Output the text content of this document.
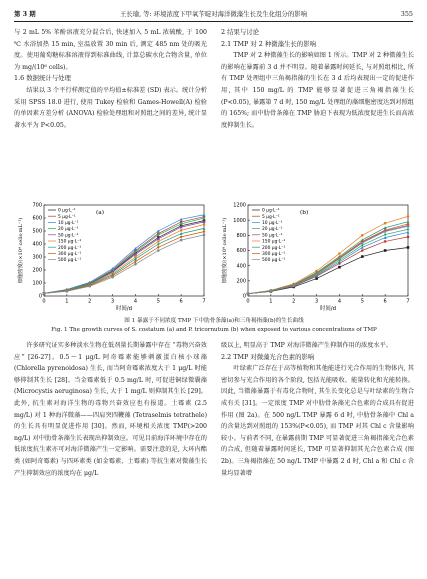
第 3 期	王长瑜, 等: 环境浓度下甲氧苄啶对海洋微藻生长及生化组分的影响	355

与 2 mL 5% 苯酚溶液充分混合后, 快速加入 5 mL 浓硫酸, 于 100 ℃ 水浴加热 15 min, 室温放置 30 min 后, 测定 485 nm 处的吸光度。使用葡萄糖标准溶液得到标准曲线, 计算总碳水化合物含量, 单位为 mg/(10⁶ cells)。

1.6 数据统计与处理

结果以 3 个平行样测定值的平均值±标准差 (SD) 表示。统计分析采用 SPSS 18.0 进行, 使用 Tukey 检验和 Games-Howell(A) 检验的单因素方差分析 (ANOVA) 检验处理组和对照组之间的差异, 统计显著水平为 P<0.05。

2 结果与讨论
2.1 TMP 对 2 种微藻生长的影响

TMP 对 2 种微藻生长的影响如图 1 所示。TMP 对 2 种微藻生长的影响在暴露前 3 d 并不明显。随着暴露时间延长, 与对照组相比, 所有 TMP 处理组中三角褐指藻的生长在 3 d 后均表现出一定的促进作用, 其中 150 mg/L 的 TMP 能够显著促进三角褐指藻生长 (P<0.05), 暴露第 7 d 时, 150 mg/L 处理组的藻细胞密度达到对照组的 165%; 而中肋骨条藻在 TMP 胁迫下表现为低浓度促进生长而高浓度抑制生长。

0	1	2	3	4	5	6	7
0
100
200
300
400
500
600
700
时间/d
细胞密度/(×10⁴ cells·mL⁻¹)
(a)
0 μg·L⁻¹
5 μg·L⁻¹
10 μg·L⁻¹
20 μg·L⁻¹
50 μg·L⁻¹
150 μg·L⁻¹
200 μg·L⁻¹
300 μg·L⁻¹
500 μg·L⁻¹
0	1	2	3	4	5	6	7
0
200
400
600
800
1000
1200
时间/d
细胞密度/(×10⁴ cells·mL⁻¹)
(b)
0 μg·L⁻¹
5 μg·L⁻¹
10 μg·L⁻¹
20 μg·L⁻¹
50 μg·L⁻¹
150 μg·L⁻¹
200 μg·L⁻¹
300 μg·L⁻¹
500 μg·L⁻¹
图 1 暴露于不同浓度 TMP 下中肋骨条藻(a)和三角褐指藻(b)的生长曲线
Fig. 1 The growth curves of S. costatum (a) and P. tricornutum (b) when exposed to various concentrations of TMP

许多研究证实多种淡水生物在低剂量长期暴露中存在 “毒物兴奋效应” [26-27]。0.5～1 μg/L 阿奇霉素能够刺激蛋白核小球藻 (Chlorella pyrenoidosa) 生长, 而当阿奇霉素浓度大于 1 μg/L 时能够抑制其生长 [28]。当金霉素低于 0.5 mg/L 时, 可促进铜绿微囊藻 (Microcystis aeruginosa) 生长, 大于 1 mg/L 则抑制其生长 [29]。此外, 抗生素对海洋生物的毒物兴奋效应也有报道。土霉素 (2.5 mg/L) 对 1 种海洋微藻——四肩突四鞭藻 (Tetraselmis tetrathele) 的生长具有明显促进作用 [30]。然而, 环境相关浓度 TMP(>200 ng/L) 对中肋骨条藻生长表现出抑制效应。可见目前海洋环境中存在的低浓度抗生素亦可对海洋微藻产生一定影响。需要注意的是, 大环内酯类 (如阿奇霉素) 与四环素类 (如金霉素、土霉素) 等抗生素对微藻生长产生抑制效应的浓度均在 μg/L

级以上, 明显高于 TMP 对海洋微藻产生抑制作用的浓度水平。

2.2 TMP 对微藻光合色素的影响

叶绿素广泛存在于高等植物和其他能进行光合作用的生物体内, 其密切参与光合作用的各个阶段, 包括光能吸收、能量转化和光能转换。因此, 当微藻暴露于有毒化合物时, 其生长变化总是与叶绿素的生物合成有关 [31]。一定浓度 TMP 对中肋骨条藻光合色素的合成具有促进作用 (图 2a)。在 500 ng/L TMP 暴露 6 d 时, 中肋骨条藻中 Chl a 的含量达到对照组的 153%(P<0.05), 而 TMP 对其 Chl c 含量影响较小。与前者不同, 在暴露前期 TMP 可显著促进三角褐指藻光合色素的合成, 但随着暴露时间延长, TMP 可显著抑制其光合色素合成 (图 2b)。三角褐指藻在 50 ng/L TMP 中暴露 2 d 时, Chl a 和 Chl c 含量均显著增
